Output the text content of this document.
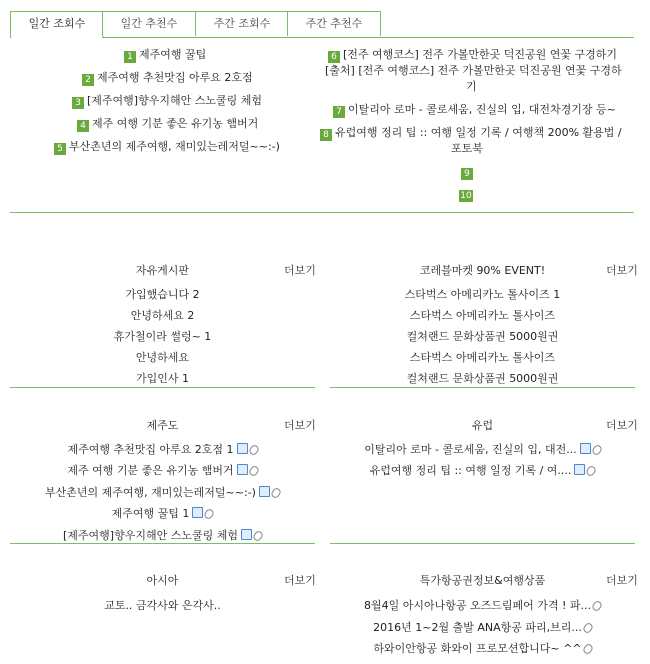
일간 조회수	일간 추천수	주간 조회수	주간 추천수
1 제주여행 꿀팁
2 제주여행 추천맛집 아루요 2호점
3 [제주여행]향우지해안 스노쿨링 체험
4 제주 여행 기분 좋은 유기농 햄버거
5 부산촌년의 제주여행, 재미있는레저덜~~:-)
6 [전주 여행코스] 전주 가볼만한곳 덕진공원 연꽃 구경하기
[출처] [전주 여행코스] 전주 가볼만한곳 덕진공원 연꽃 구경하
기
7 이탈리아 로마 - 콜로세움, 진실의 입, 대전차경기장 등~
8 유럽여행 정리 팁 :: 여행 일정 기록 / 여행책 200% 활용법 /
포토북
9
10
자유게시판	더보기
가입했습니다 2
안녕하세요 2
휴가철이라 썰렁~ 1
안녕하세요
가입인사 1
코레블마켓 90% EVENT!	더보기
스타벅스 아메리카노 톨사이즈 1
스타벅스 아메리카노 톨사이즈
컬쳐랜드 문화상품권 5000원권
스타벅스 아메리카노 톨사이즈
컬쳐랜드 문화상품권 5000원권
제주도	더보기
제주여행 추천맛집 아루요 2호점 1
제주 여행 기분 좋은 유기농 햄버거
부산촌년의 제주여행, 재미있는레저덜~~:-)
제주여행 꿀팁 1
[제주여행]향우지해안 스노쿨링 체험
유럽	더보기
이탈리아 로마 - 콜로세움, 진실의 입, 대전...
유럽여행 정리 팁 :: 여행 일정 기록 / 여....
아시아	더보기
교토.. 금각사와 은각사..
특가항공권정보&여행상품	더보기
8월4일 아시아나항공 오즈드림페어 가격 ! 파...
2016년 1~2월 출발 ANA항공 파리,브리...
하와이안항공 화와이 프로모션합니다~ ^^
